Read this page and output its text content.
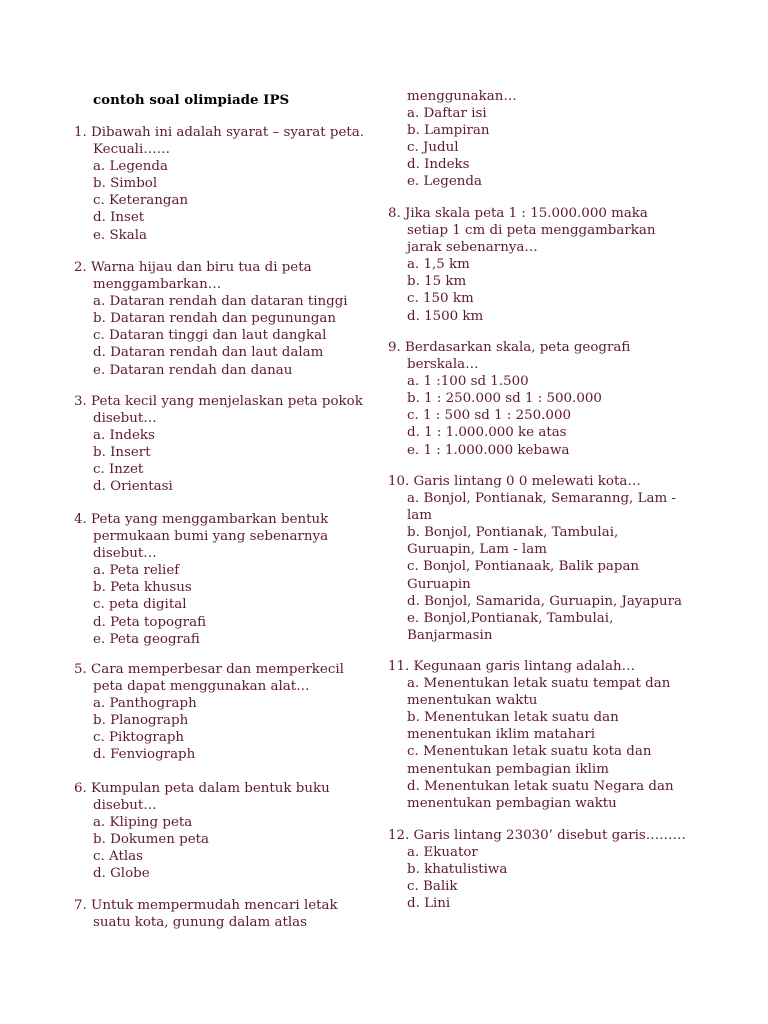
contoh soal olimpiade IPS
1. Dibawah ini adalah syarat – syarat peta.
Kecuali……
a. Legenda
b. Simbol
c. Keterangan
d. Inset
e. Skala
2. Warna hijau dan biru tua di peta
menggambarkan…
a. Dataran rendah dan dataran tinggi
b. Dataran rendah dan pegunungan
c. Dataran tinggi dan laut dangkal
d. Dataran rendah dan laut dalam
e. Dataran rendah dan danau
3. Peta kecil yang menjelaskan peta pokok
disebut…
a. Indeks
b. Insert
c. Inzet
d. Orientasi
4. Peta yang menggambarkan bentuk
permukaan bumi yang sebenarnya
disebut…
a. Peta relief
b. Peta khusus
c. peta digital
d. Peta topografi
e. Peta geografi
5. Cara memperbesar dan memperkecil
peta dapat menggunakan alat…
a. Panthograph
b. Planograph
c. Piktograph
d. Fenviograph
6. Kumpulan peta dalam bentuk buku
disebut…
a. Kliping peta
b. Dokumen peta
c. Atlas
d. Globe
7. Untuk mempermudah mencari letak
suatu kota, gunung dalam atlas
menggunakan…
a. Daftar isi
b. Lampiran
c. Judul
d. Indeks
e. Legenda
8. Jika skala peta 1 : 15.000.000 maka
setiap 1 cm di peta menggambarkan
jarak sebenarnya…
a. 1,5 km
b. 15 km
c. 150 km
d. 1500 km
9. Berdasarkan skala, peta geografi
berskala…
a. 1 :100 sd 1.500
b. 1 : 250.000 sd 1 : 500.000
c. 1 : 500 sd 1 : 250.000
d. 1 : 1.000.000 ke atas
e. 1 : 1.000.000 kebawa
10. Garis lintang 0 0 melewati kota…
a. Bonjol, Pontianak, Semaranng, Lam -
lam
b. Bonjol, Pontianak, Tambulai,
Guruapin, Lam - lam
c. Bonjol, Pontianaak, Balik papan
Guruapin
d. Bonjol, Samarida, Guruapin, Jayapura
e. Bonjol,Pontianak, Tambulai,
Banjarmasin
11. Kegunaan garis lintang adalah…
a. Menentukan letak suatu tempat dan
menentukan waktu
b. Menentukan letak suatu dan
menentukan iklim matahari
c. Menentukan letak suatu kota dan
menentukan pembagian iklim
d. Menentukan letak suatu Negara dan
menentukan pembagian waktu
12. Garis lintang 23030’ disebut garis………
a. Ekuator
b. khatulistiwa
c. Balik
d. Lini
